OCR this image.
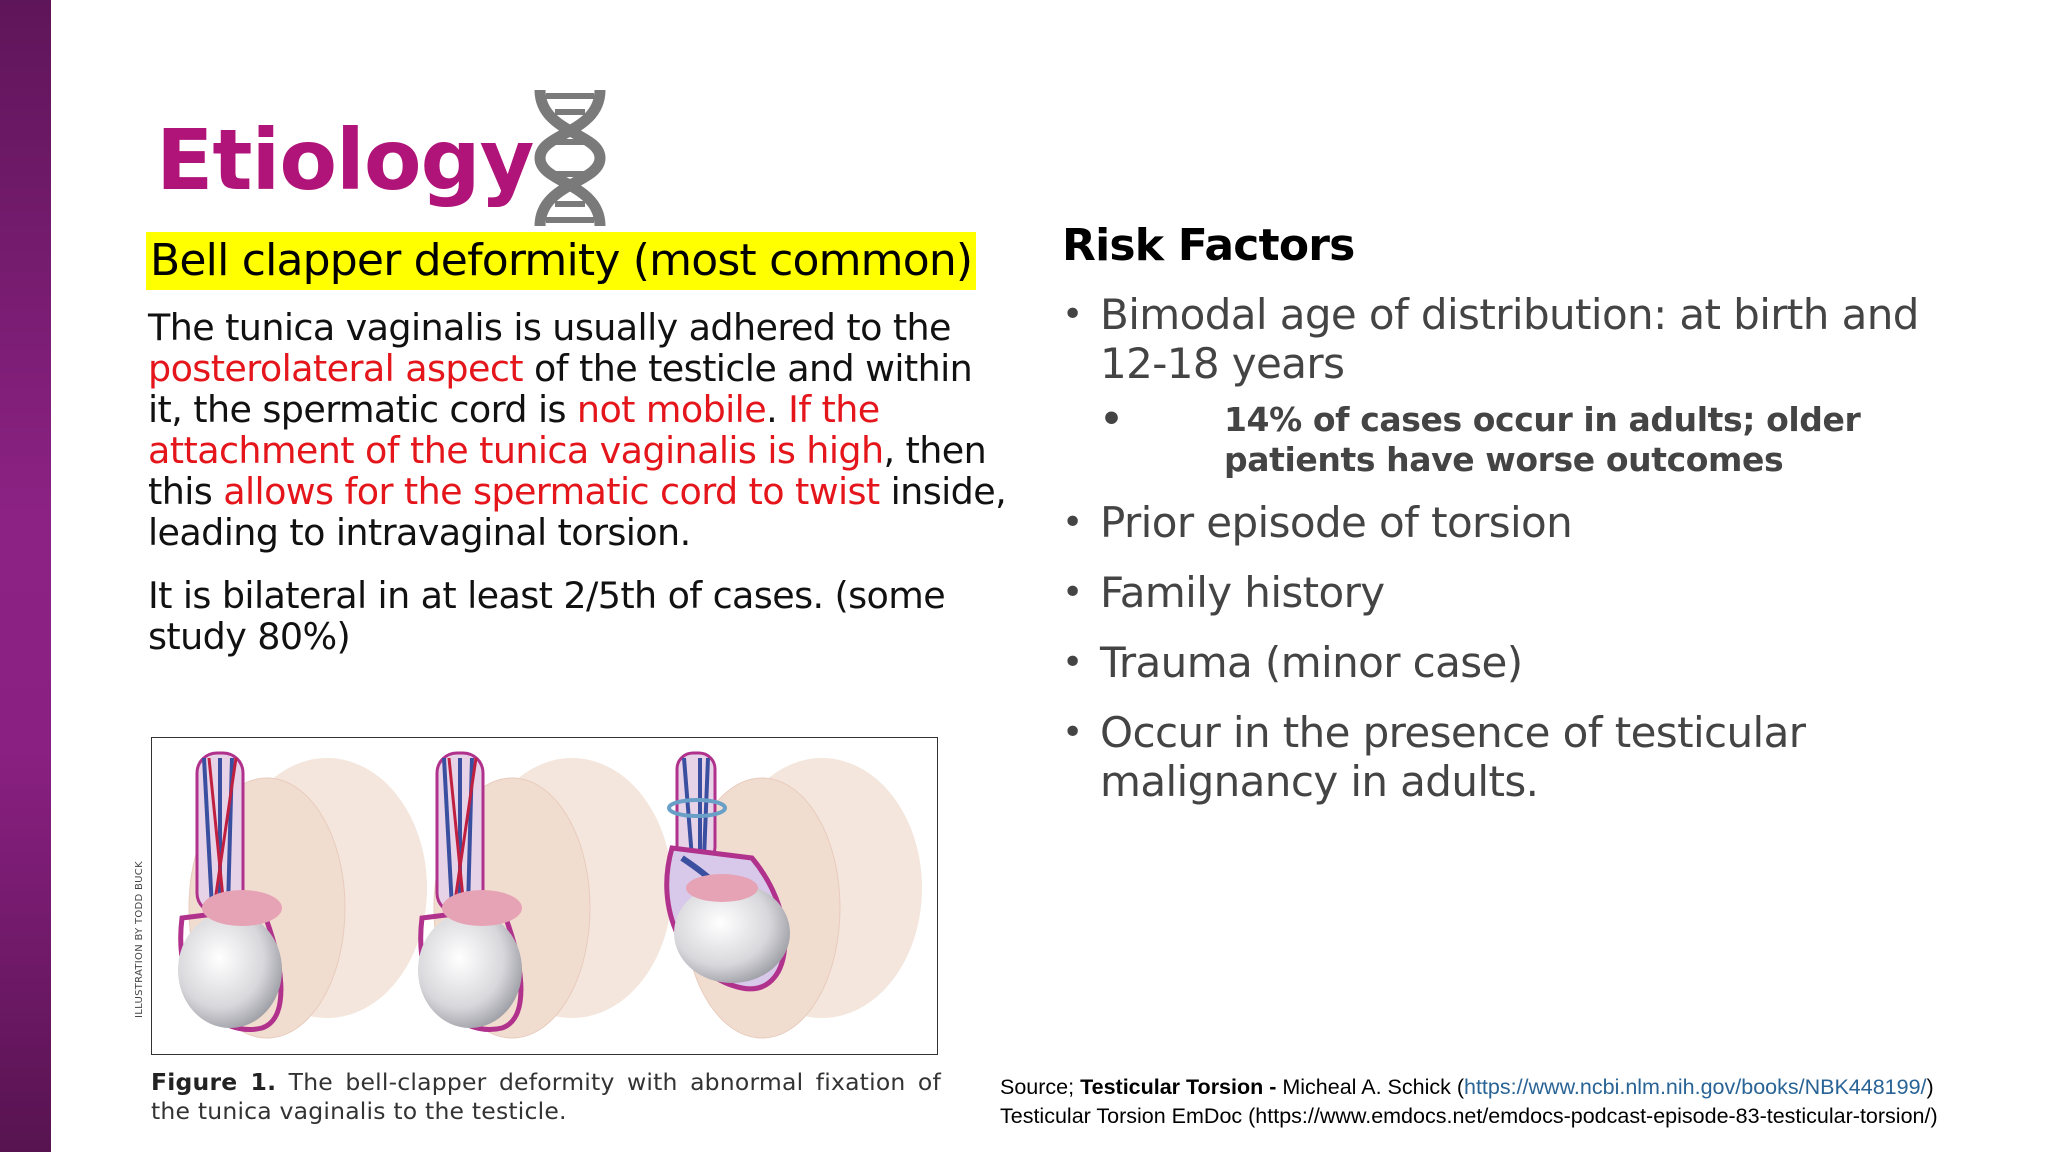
Etiology
Bell clapper deformity (most common)
The tunica vaginalis is usually adhered to the posterolateral aspect of the testicle and within it, the spermatic cord is not mobile. If the attachment of the tunica vaginalis is high, then this allows for the spermatic cord to twist inside, leading to intravaginal torsion.
It is bilateral in at least 2/5th of cases. (some study 80%)
ILLUSTRATION BY TODD BUCK
Figure 1. The bell-clapper deformity with abnormal fixation of the tunica vaginalis to the testicle.
Risk Factors
• Bimodal age of distribution: at birth and 12-18 years
•	14% of cases occur in adults; older patients have worse outcomes
• Prior episode of torsion
• Family history
• Trauma (minor case)
• Occur in the presence of testicular malignancy in adults.
Source; Testicular Torsion - Micheal A. Schick (https://www.ncbi.nlm.nih.gov/books/NBK448199/)
Testicular Torsion EmDoc (https://www.emdocs.net/emdocs-podcast-episode-83-testicular-torsion/)
